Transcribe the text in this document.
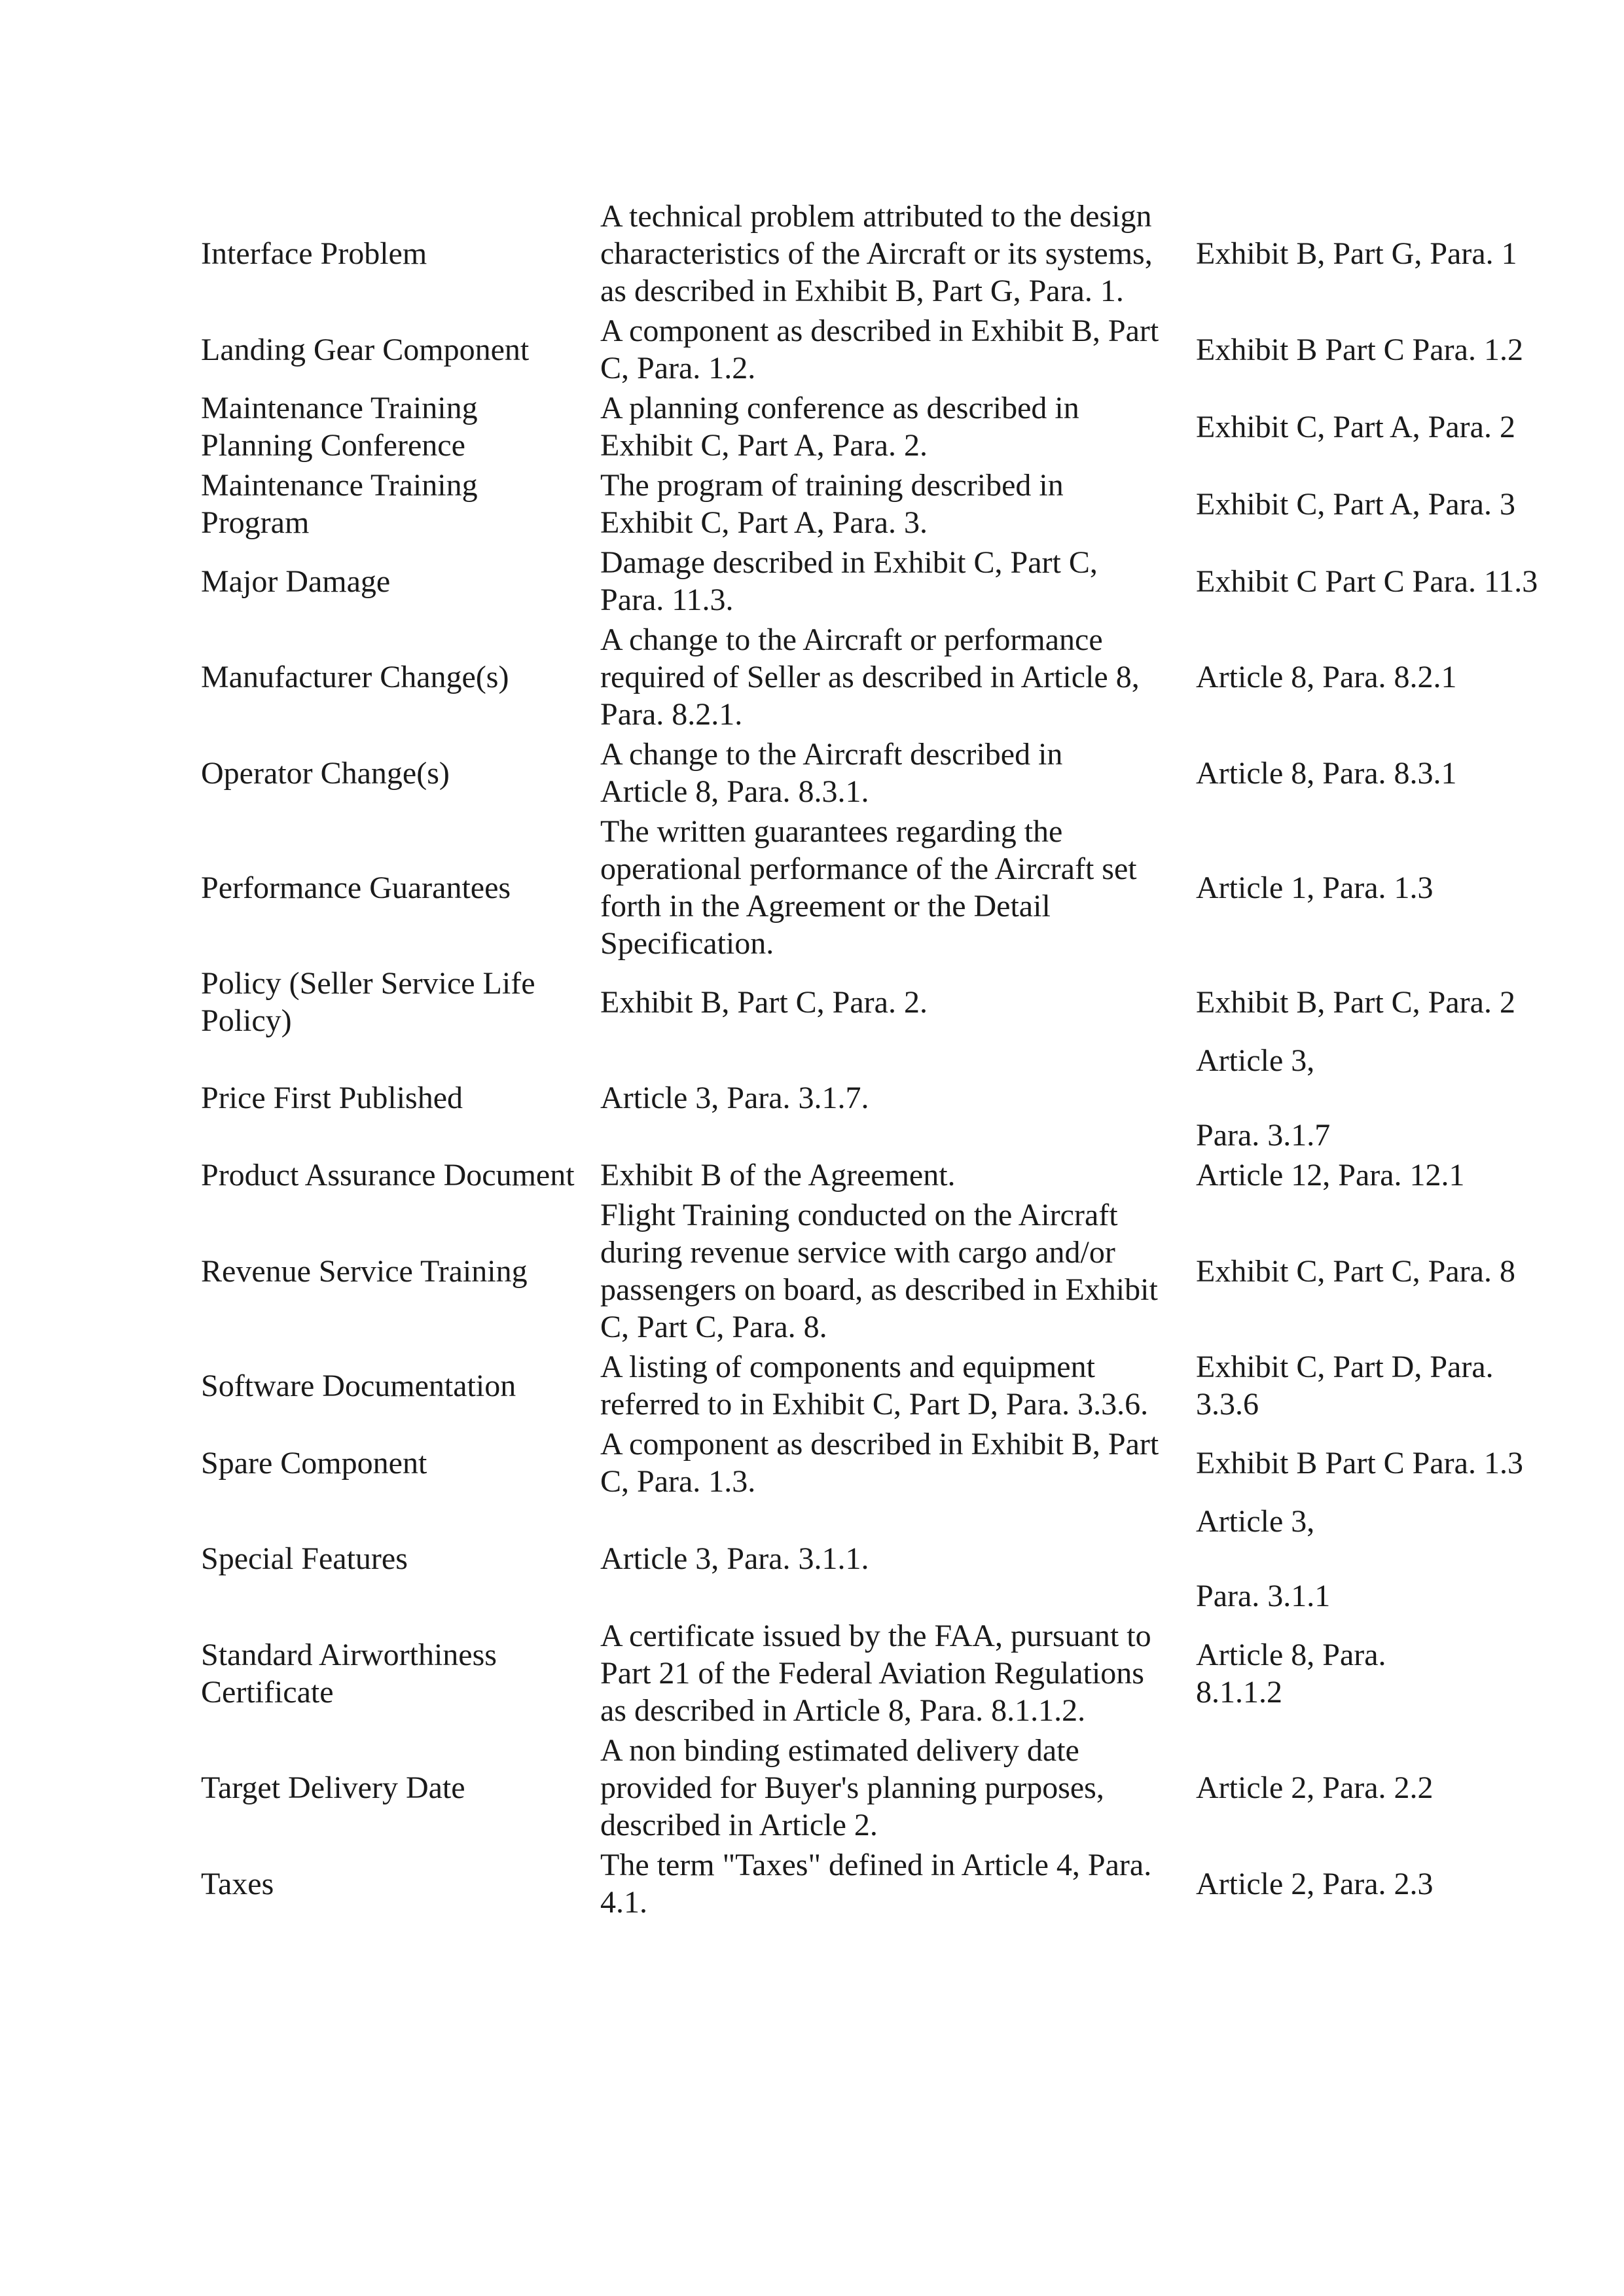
Interface Problem	A technical problem attributed to the design
characteristics of the Aircraft or its systems,
as described in Exhibit B, Part G, Para. 1.	Exhibit B, Part G, Para. 1
Landing Gear Component	A component as described in Exhibit B, Part
C, Para. 1.2.	Exhibit B Part C Para. 1.2
Maintenance Training
Planning Conference	A planning conference as described in
Exhibit C, Part A, Para. 2.	Exhibit C, Part A, Para. 2
Maintenance Training
Program	The program of training described in
Exhibit C, Part A, Para. 3.	Exhibit C, Part A, Para. 3
Major Damage	Damage described in Exhibit C, Part C,
Para. 11.3.	Exhibit C Part C Para. 11.3
Manufacturer Change(s)	A change to the Aircraft or performance
required of Seller as described in Article 8,
Para. 8.2.1.	Article 8, Para. 8.2.1
Operator Change(s)	A change to the Aircraft described in
Article 8, Para. 8.3.1.	Article 8, Para. 8.3.1
Performance Guarantees	The written guarantees regarding the
operational performance of the Aircraft set
forth in the Agreement or the Detail
Specification.	Article 1, Para. 1.3
Policy (Seller Service Life
Policy)	Exhibit B, Part C, Para. 2.	Exhibit B, Part C, Para. 2
Price First Published	Article 3, Para. 3.1.7.	Article 3,

Para. 3.1.7
Product Assurance Document	Exhibit B of the Agreement.	Article 12, Para. 12.1
Revenue Service Training	Flight Training conducted on the Aircraft
during revenue service with cargo and/or
passengers on board, as described in Exhibit
C, Part C, Para. 8.	Exhibit C, Part C, Para. 8
Software Documentation	A listing of components and equipment
referred to in Exhibit C, Part D, Para. 3.3.6.	Exhibit C, Part D, Para.
3.3.6
Spare Component	A component as described in Exhibit B, Part
C, Para. 1.3.	Exhibit B Part C Para. 1.3
Special Features	Article 3, Para. 3.1.1.	Article 3,

Para. 3.1.1
Standard Airworthiness
Certificate	A certificate issued by the FAA, pursuant to
Part 21 of the Federal Aviation Regulations
as described in Article 8, Para. 8.1.1.2.	Article 8, Para.
8.1.1.2
Target Delivery Date	A non binding estimated delivery date
provided for Buyer's planning purposes,
described in Article 2.	Article 2, Para. 2.2
Taxes	The term "Taxes" defined in Article 4, Para.
4.1.	Article 2, Para. 2.3
